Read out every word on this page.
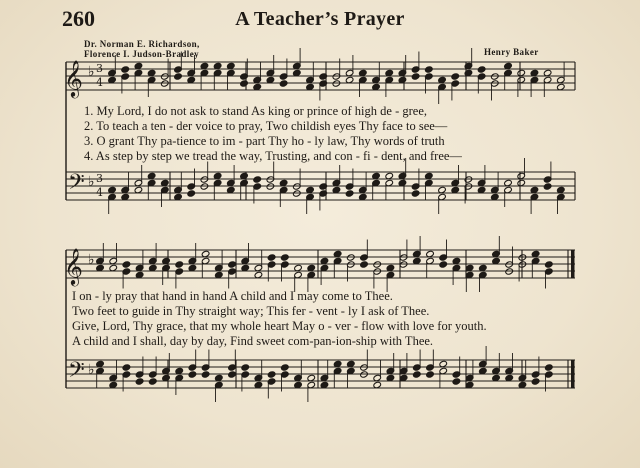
260	A Teacher’s Prayer
Dr. Norman E. Richardson,
Florence I. Judson-Bradley	Henry Baker
𝄞
𝄢
♭
♭
3
4
3
4
𝄞
𝄢
♭
♭
1. My Lord, I do not ask to stand As king or prince of high de - gree,
2. To teach a ten - der voice to pray, Two childish eyes Thy face to see—
3. O grant Thy pa-tience to im - part Thy ho - ly law, Thy words of truth
4. As step by step we tread the way, Trusting, and con - fi - dent, and free—
I on - ly pray that hand in hand A child and I may come to Thee.
Two feet to guide in Thy straight way; This fer - vent - ly I ask of Thee.
Give, Lord, Thy grace, that my whole heart May o - ver - flow with love for youth.
A child and I shall, day by day, Find sweet com-pan-ion-ship with Thee.
